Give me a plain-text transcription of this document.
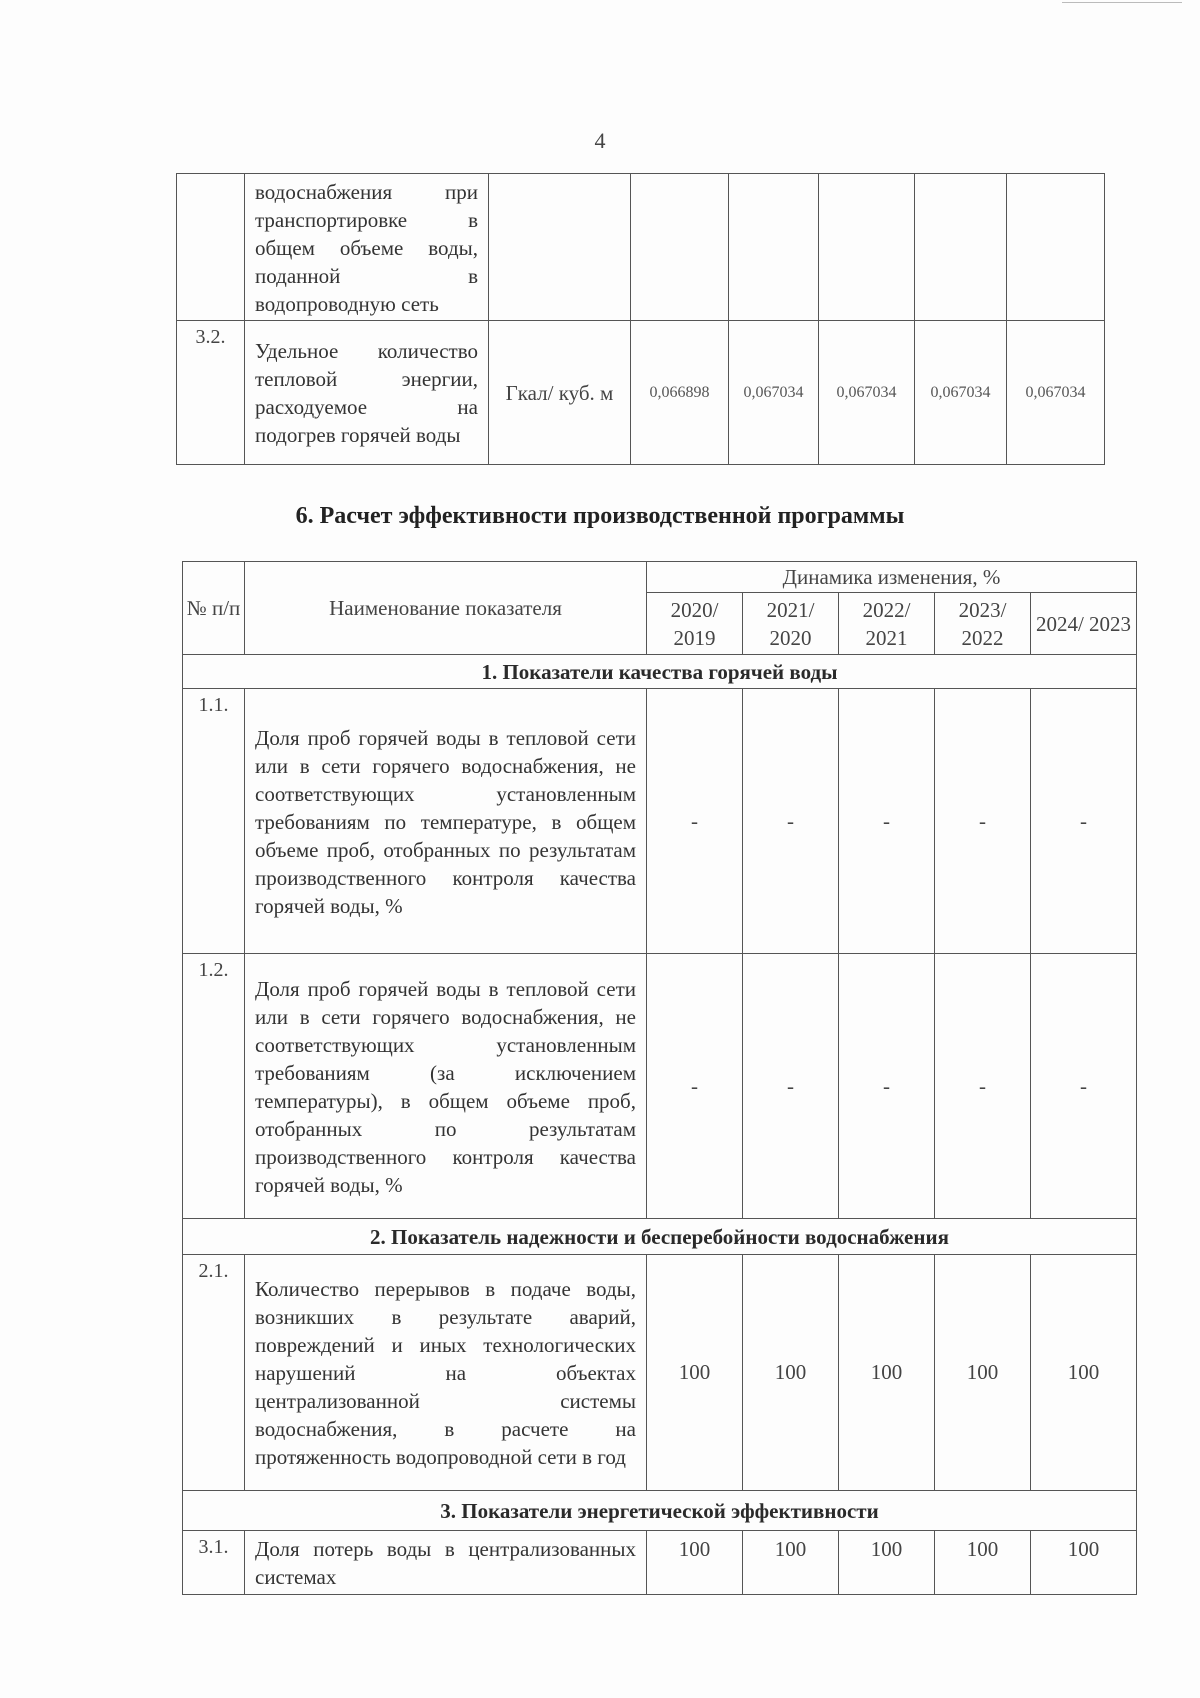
4
	водоснабжения при транспортировке в общем объеме воды, поданной в водопроводную сеть						
3.2.	Удельное количество тепловой энергии, расходуемое на подогрев горячей воды	Гкал/ куб. м	0,066898	0,067034	0,067034	0,067034	0,067034
6. Расчет эффективности производственной программы
№ п/п	Наименование показателя	Динамика изменения, %				
		2020/ 2019	2021/ 2020	2022/ 2021	2023/ 2022	2024/ 2023
1. Показатели качества горячей воды						
1.1.	Доля проб горячей воды в тепловой сети или в сети горячего водоснабжения, не соответствующих установленным требованиям по температуре, в общем объеме проб, отобранных по результатам производственного контроля качества горячей воды, %	-	-	-	-	-
1.2.	Доля проб горячей воды в тепловой сети или в сети горячего водоснабжения, не соответствующих установленным требованиям (за исключением температуры), в общем объеме проб, отобранных по результатам производственного контроля качества горячей воды, %	-	-	-	-	-
2. Показатель надежности и бесперебойности водоснабжения						
2.1.	Количество перерывов в подаче воды, возникших в результате аварий, повреждений и иных технологических нарушений на объектах централизованной системы водоснабжения, в расчете на протяженность водопроводной сети в год	100	100	100	100	100
3. Показатели энергетической эффективности						
3.1.	Доля потерь воды в централизованных системах	100	100	100	100	100
